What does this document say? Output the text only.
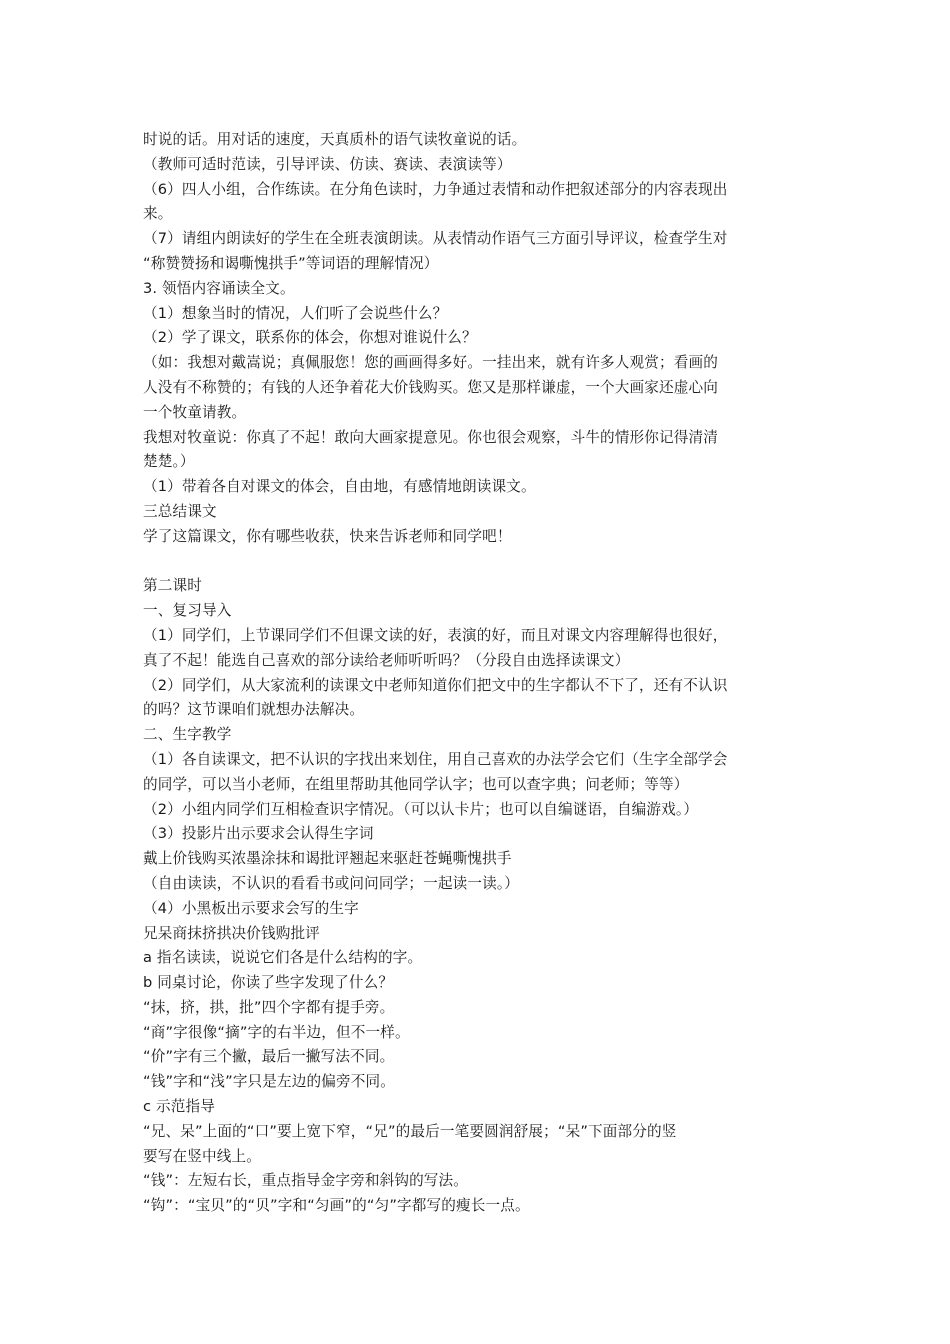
时说的话。用对话的速度，天真质朴的语气读牧童说的话。
（教师可适时范读，引导评读、仿读、赛读、表演读等）
（6）四人小组，合作练读。在分角色读时，力争通过表情和动作把叙述部分的内容表现出
来。
（7）请组内朗读好的学生在全班表演朗读。从表情动作语气三方面引导评议，检查学生对
“称赞赞扬和谒嘶愧拱手”等词语的理解情况）
3. 领悟内容诵读全文。
（1）想象当时的情况，人们听了会说些什么？
（2）学了课文，联系你的体会，你想对谁说什么？
（如：我想对戴嵩说；真佩服您！您的画画得多好。一挂出来，就有许多人观赏；看画的
人没有不称赞的；有钱的人还争着花大价钱购买。您又是那样谦虚，一个大画家还虚心向
一个牧童请教。
我想对牧童说：你真了不起！敢向大画家提意见。你也很会观察，斗牛的情形你记得清清
楚楚。）
（1）带着各自对课文的体会，自由地，有感情地朗读课文。
三总结课文
学了这篇课文，你有哪些收获，快来告诉老师和同学吧！
第二课时
一、复习导入
（1）同学们，上节课同学们不但课文读的好，表演的好，而且对课文内容理解得也很好，
真了不起！能选自己喜欢的部分读给老师听听吗？（分段自由选择读课文）
（2）同学们，从大家流利的读课文中老师知道你们把文中的生字都认不下了，还有不认识
的吗？这节课咱们就想办法解决。
二、生字教学
（1）各自读课文，把不认识的字找出来划住，用自己喜欢的办法学会它们（生字全部学会
的同学，可以当小老师，在组里帮助其他同学认字；也可以查字典；问老师；等等）
（2）小组内同学们互相检查识字情况。（可以认卡片；也可以自编谜语，自编游戏。）
（3）投影片出示要求会认得生字词
戴上价钱购买浓墨涂抹和谒批评翘起来驱赶苍蝇嘶愧拱手
（自由读读，不认识的看看书或问问同学；一起读一读。）
（4）小黑板出示要求会写的生字
兄呆商抹挤拱决价钱购批评
a 指名读读，说说它们各是什么结构的字。
b 同桌讨论，你读了些字发现了什么？
“抹，挤，拱，批”四个字都有提手旁。
“商”字很像“摘”字的右半边，但不一样。
“价”字有三个撇，最后一撇写法不同。
“钱”字和“浅”字只是左边的偏旁不同。
c 示范指导
“兄、呆”上面的“口”要上宽下窄，“兄”的最后一笔要圆润舒展；“呆”下面部分的竖
要写在竖中线上。
“钱”：左短右长，重点指导金字旁和斜钩的写法。
“钩”：“宝贝”的“贝”字和“匀画”的“匀”字都写的瘦长一点。
